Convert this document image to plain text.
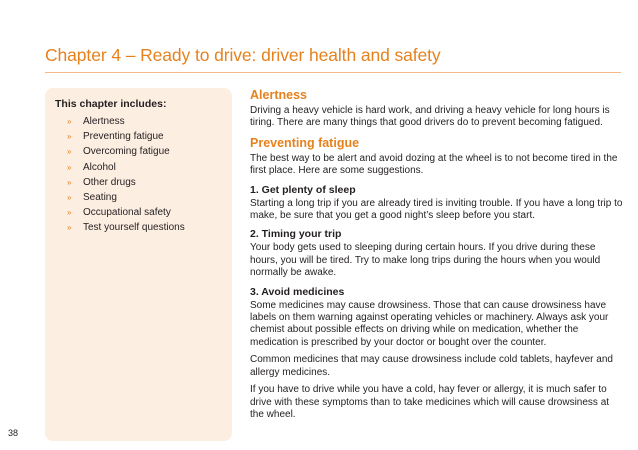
Chapter 4 – Ready to drive: driver health and safety
This chapter includes:
»	Alertness
»	Preventing fatigue
»	Overcoming fatigue
»	Alcohol
»	Other drugs
»	Seating
»	Occupational safety
»	Test yourself questions
Alertness

Driving a heavy vehicle is hard work, and driving a heavy vehicle for long hours is tiring. There are many things that good drivers do to prevent becoming fatigued.

Preventing fatigue

The best way to be alert and avoid dozing at the wheel is to not become tired in the first place. Here are some suggestions.

1. Get plenty of sleep

Starting a long trip if you are already tired is inviting trouble. If you have a long trip to make, be sure that you get a good night’s sleep before you start.

2. Timing your trip

Your body gets used to sleeping during certain hours. If you drive during these hours, you will be tired. Try to make long trips during the hours when you would normally be awake.

3. Avoid medicines

Some medicines may cause drowsiness. Those that can cause drowsiness have labels on them warning against operating vehicles or machinery. Always ask your chemist about possible effects on driving while on medication, whether the medication is prescribed by your doctor or bought over the counter.

Common medicines that may cause drowsiness include cold tablets, hayfever and allergy medicines.

If you have to drive while you have a cold, hay fever or allergy, it is much safer to drive with these symptoms than to take medicines which will cause drowsiness at the wheel.

38
